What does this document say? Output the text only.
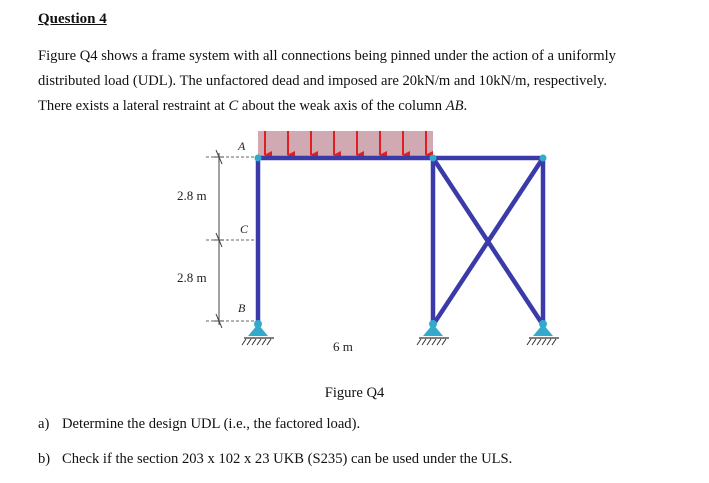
Question 4
Figure Q4 shows a frame system with all connections being pinned under the action of a uniformly
distributed load (UDL). The unfactored dead and imposed are 20kN/m and 10kN/m, respectively.
There exists a lateral restraint at C about the weak axis of the column AB.
2.8 m
2.8 m
A
C
B
6 m
Figure Q4
a) Determine the design UDL (i.e., the factored load).
b) Check if the section 203 x 102 x 23 UKB (S235) can be used under the ULS.
